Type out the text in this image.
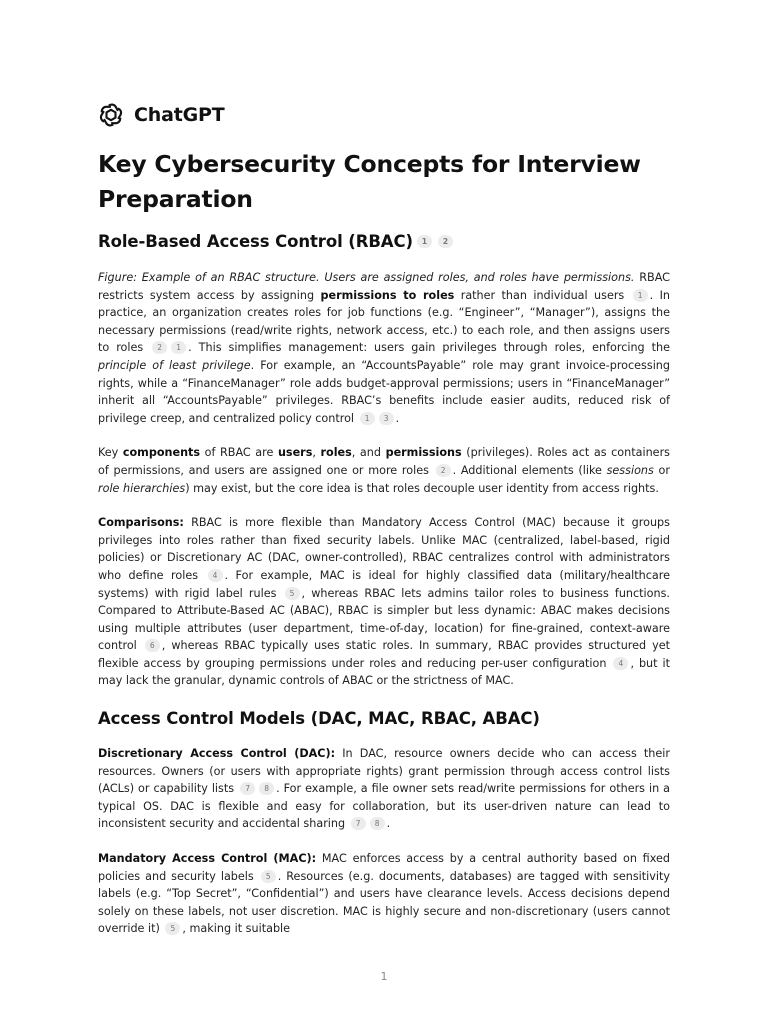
ChatGPT
Key Cybersecurity Concepts for Interview Preparation
Role-Based Access Control (RBAC) 1 2

Figure: Example of an RBAC structure. Users are assigned roles, and roles have permissions. RBAC restricts system access by assigning permissions to roles rather than individual users 1 . In practice, an organization creates roles for job functions (e.g. “Engineer”, “Manager”), assigns the necessary permissions (read/write rights, network access, etc.) to each role, and then assigns users to roles 2 1 . This simplifies management: users gain privileges through roles, enforcing the principle of least privilege. For example, an “AccountsPayable” role may grant invoice-processing rights, while a “FinanceManager” role adds budget-approval permissions; users in “FinanceManager” inherit all “AccountsPayable” privileges. RBAC’s benefits include easier audits, reduced risk of privilege creep, and centralized policy control 1 3 .

Key components of RBAC are users, roles, and permissions (privileges). Roles act as containers of permissions, and users are assigned one or more roles 2 . Additional elements (like sessions or role hierarchies) may exist, but the core idea is that roles decouple user identity from access rights.

Comparisons: RBAC is more flexible than Mandatory Access Control (MAC) because it groups privileges into roles rather than fixed security labels. Unlike MAC (centralized, label-based, rigid policies) or Discretionary AC (DAC, owner-controlled), RBAC centralizes control with administrators who define roles 4 . For example, MAC is ideal for highly classified data (military/healthcare systems) with rigid label rules 5 , whereas RBAC lets admins tailor roles to business functions. Compared to Attribute-Based AC (ABAC), RBAC is simpler but less dynamic: ABAC makes decisions using multiple attributes (user department, time-of-day, location) for fine-grained, context-aware control 6 , whereas RBAC typically uses static roles. In summary, RBAC provides structured yet flexible access by grouping permissions under roles and reducing per-user configuration 4 , but it may lack the granular, dynamic controls of ABAC or the strictness of MAC.

Access Control Models (DAC, MAC, RBAC, ABAC)

Discretionary Access Control (DAC): In DAC, resource owners decide who can access their resources. Owners (or users with appropriate rights) grant permission through access control lists (ACLs) or capability lists 7 8 . For example, a file owner sets read/write permissions for others in a typical OS. DAC is flexible and easy for collaboration, but its user-driven nature can lead to inconsistent security and accidental sharing 7 8 .

Mandatory Access Control (MAC): MAC enforces access by a central authority based on fixed policies and security labels 5 . Resources (e.g. documents, databases) are tagged with sensitivity labels (e.g. “Top Secret”, “Confidential”) and users have clearance levels. Access decisions depend solely on these labels, not user discretion. MAC is highly secure and non-discretionary (users cannot override it) 5 , making it suitable

1
